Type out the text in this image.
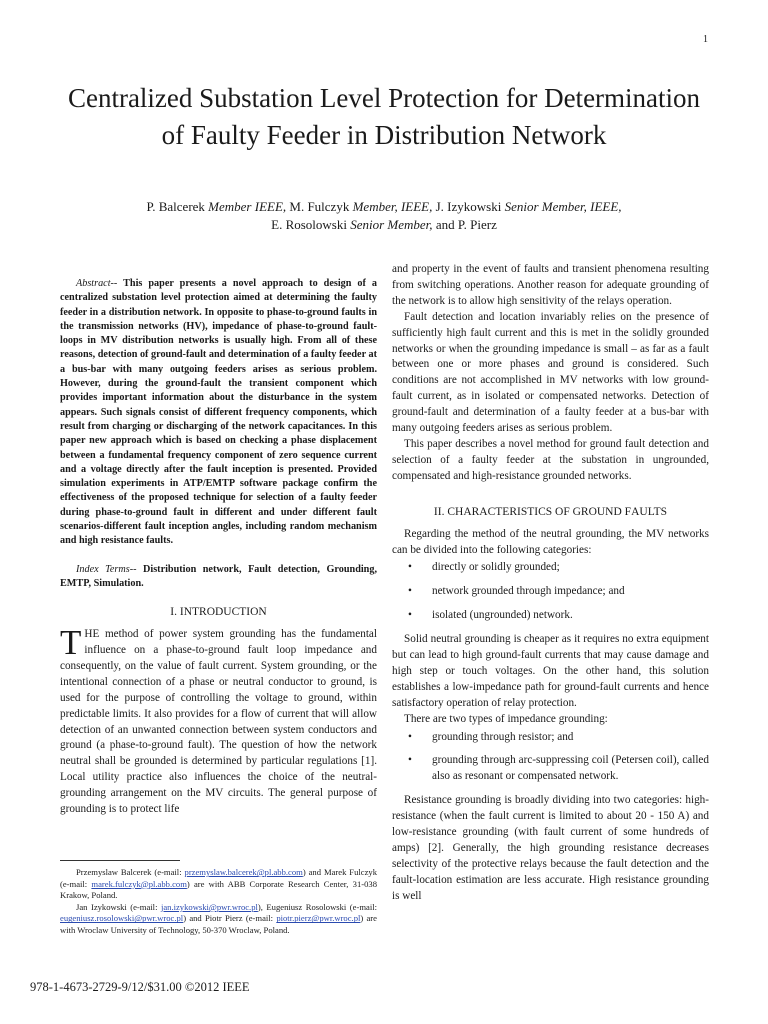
1
Centralized Substation Level Protection for Determination of Faulty Feeder in Distribution Network
P. Balcerek Member IEEE, M. Fulczyk Member, IEEE, J. Izykowski Senior Member, IEEE,
E. Rosolowski Senior Member, and P. Pierz

Abstract-- This paper presents a novel approach to design of a centralized substation level protection aimed at determining the faulty feeder in a distribution network. In opposite to phase-to-ground faults in the transmission networks (HV), impedance of phase-to-ground fault-loops in MV distribution networks is usually high. From all of these reasons, detection of ground-fault and determination of a faulty feeder at a bus-bar with many outgoing feeders arises as serious problem. However, during the ground-fault the transient component which provides important information about the disturbance in the system appears. Such signals consist of different frequency components, which result from charging or discharging of the network capacitances. In this paper new approach which is based on checking a phase displacement between a fundamental frequency component of zero sequence current and a voltage directly after the fault inception is presented. Provided simulation experiments in ATP/EMTP software package confirm the effectiveness of the proposed technique for selection of a faulty feeder during phase-to-ground fault in different and under different fault scenarios-different fault inception angles, including random mechanism and high resistance faults.

Index Terms-- Distribution network, Fault detection, Grounding, EMTP, Simulation.

I. INTRODUCTION

THE method of power system grounding has the fundamental influence on a phase-to-ground fault loop impedance and consequently, on the value of fault current. System grounding, or the intentional connection of a phase or neutral conductor to ground, is used for the purpose of controlling the voltage to ground, within predictable limits. It also provides for a flow of current that will allow detection of an unwanted connection between system conductors and ground (a phase-to-ground fault). The question of how the network neutral shall be grounded is determined by particular regulations [1]. Local utility practice also influences the choice of the neutral-grounding arrangement on the MV circuits. The general purpose of grounding is to protect life

and property in the event of faults and transient phenomena resulting from switching operations. Another reason for adequate grounding of the network is to allow high sensitivity of the relays operation.

Fault detection and location invariably relies on the presence of sufficiently high fault current and this is met in the solidly grounded networks or when the grounding impedance is small – as far as a fault between one or more phases and ground is considered. Such conditions are not accomplished in MV networks with low ground-fault current, as in isolated or compensated networks. Detection of ground-fault and determination of a faulty feeder at a bus-bar with many outgoing feeders arises as serious problem.

This paper describes a novel method for ground fault detection and selection of a faulty feeder at the substation in ungrounded, compensated and high-resistance grounded networks.

II. CHARACTERISTICS OF GROUND FAULTS

Regarding the method of the neutral grounding, the MV networks can be divided into the following categories:

• directly or solidly grounded;
• network grounded through impedance; and
• isolated (ungrounded) network.

Solid neutral grounding is cheaper as it requires no extra equipment but can lead to high ground-fault currents that may cause damage and high step or touch voltages. On the other hand, this solution establishes a low-impedance path for ground-fault currents and hence satisfactory operation of relay protection.

There are two types of impedance grounding:

• grounding through resistor; and
• grounding through arc-suppressing coil (Petersen coil), called also as resonant or compensated network.

Resistance grounding is broadly dividing into two categories: high-resistance (when the fault current is limited to about 20 - 150 A) and low-resistance grounding (with fault current of some hundreds of amps) [2]. Generally, the high grounding resistance decreases selectivity of the protective relays because the fault detection and the fault-location estimation are less accurate. High resistance grounding is well

Przemyslaw Balcerek (e-mail: przemyslaw.balcerek@pl.abb.com) and Marek Fulczyk (e-mail: marek.fulczyk@pl.abb.com) are with ABB Corporate Research Center, 31-038 Krakow, Poland.

Jan Izykowski (e-mail: jan.izykowski@pwr.wroc.pl), Eugeniusz Rosolowski (e-mail: eugeniusz.rosolowski@pwr.wroc.pl) and Piotr Pierz (e-mail: piotr.pierz@pwr.wroc.pl) are with Wroclaw University of Technology, 50-370 Wroclaw, Poland.

978-1-4673-2729-9/12/$31.00 ©2012 IEEE
